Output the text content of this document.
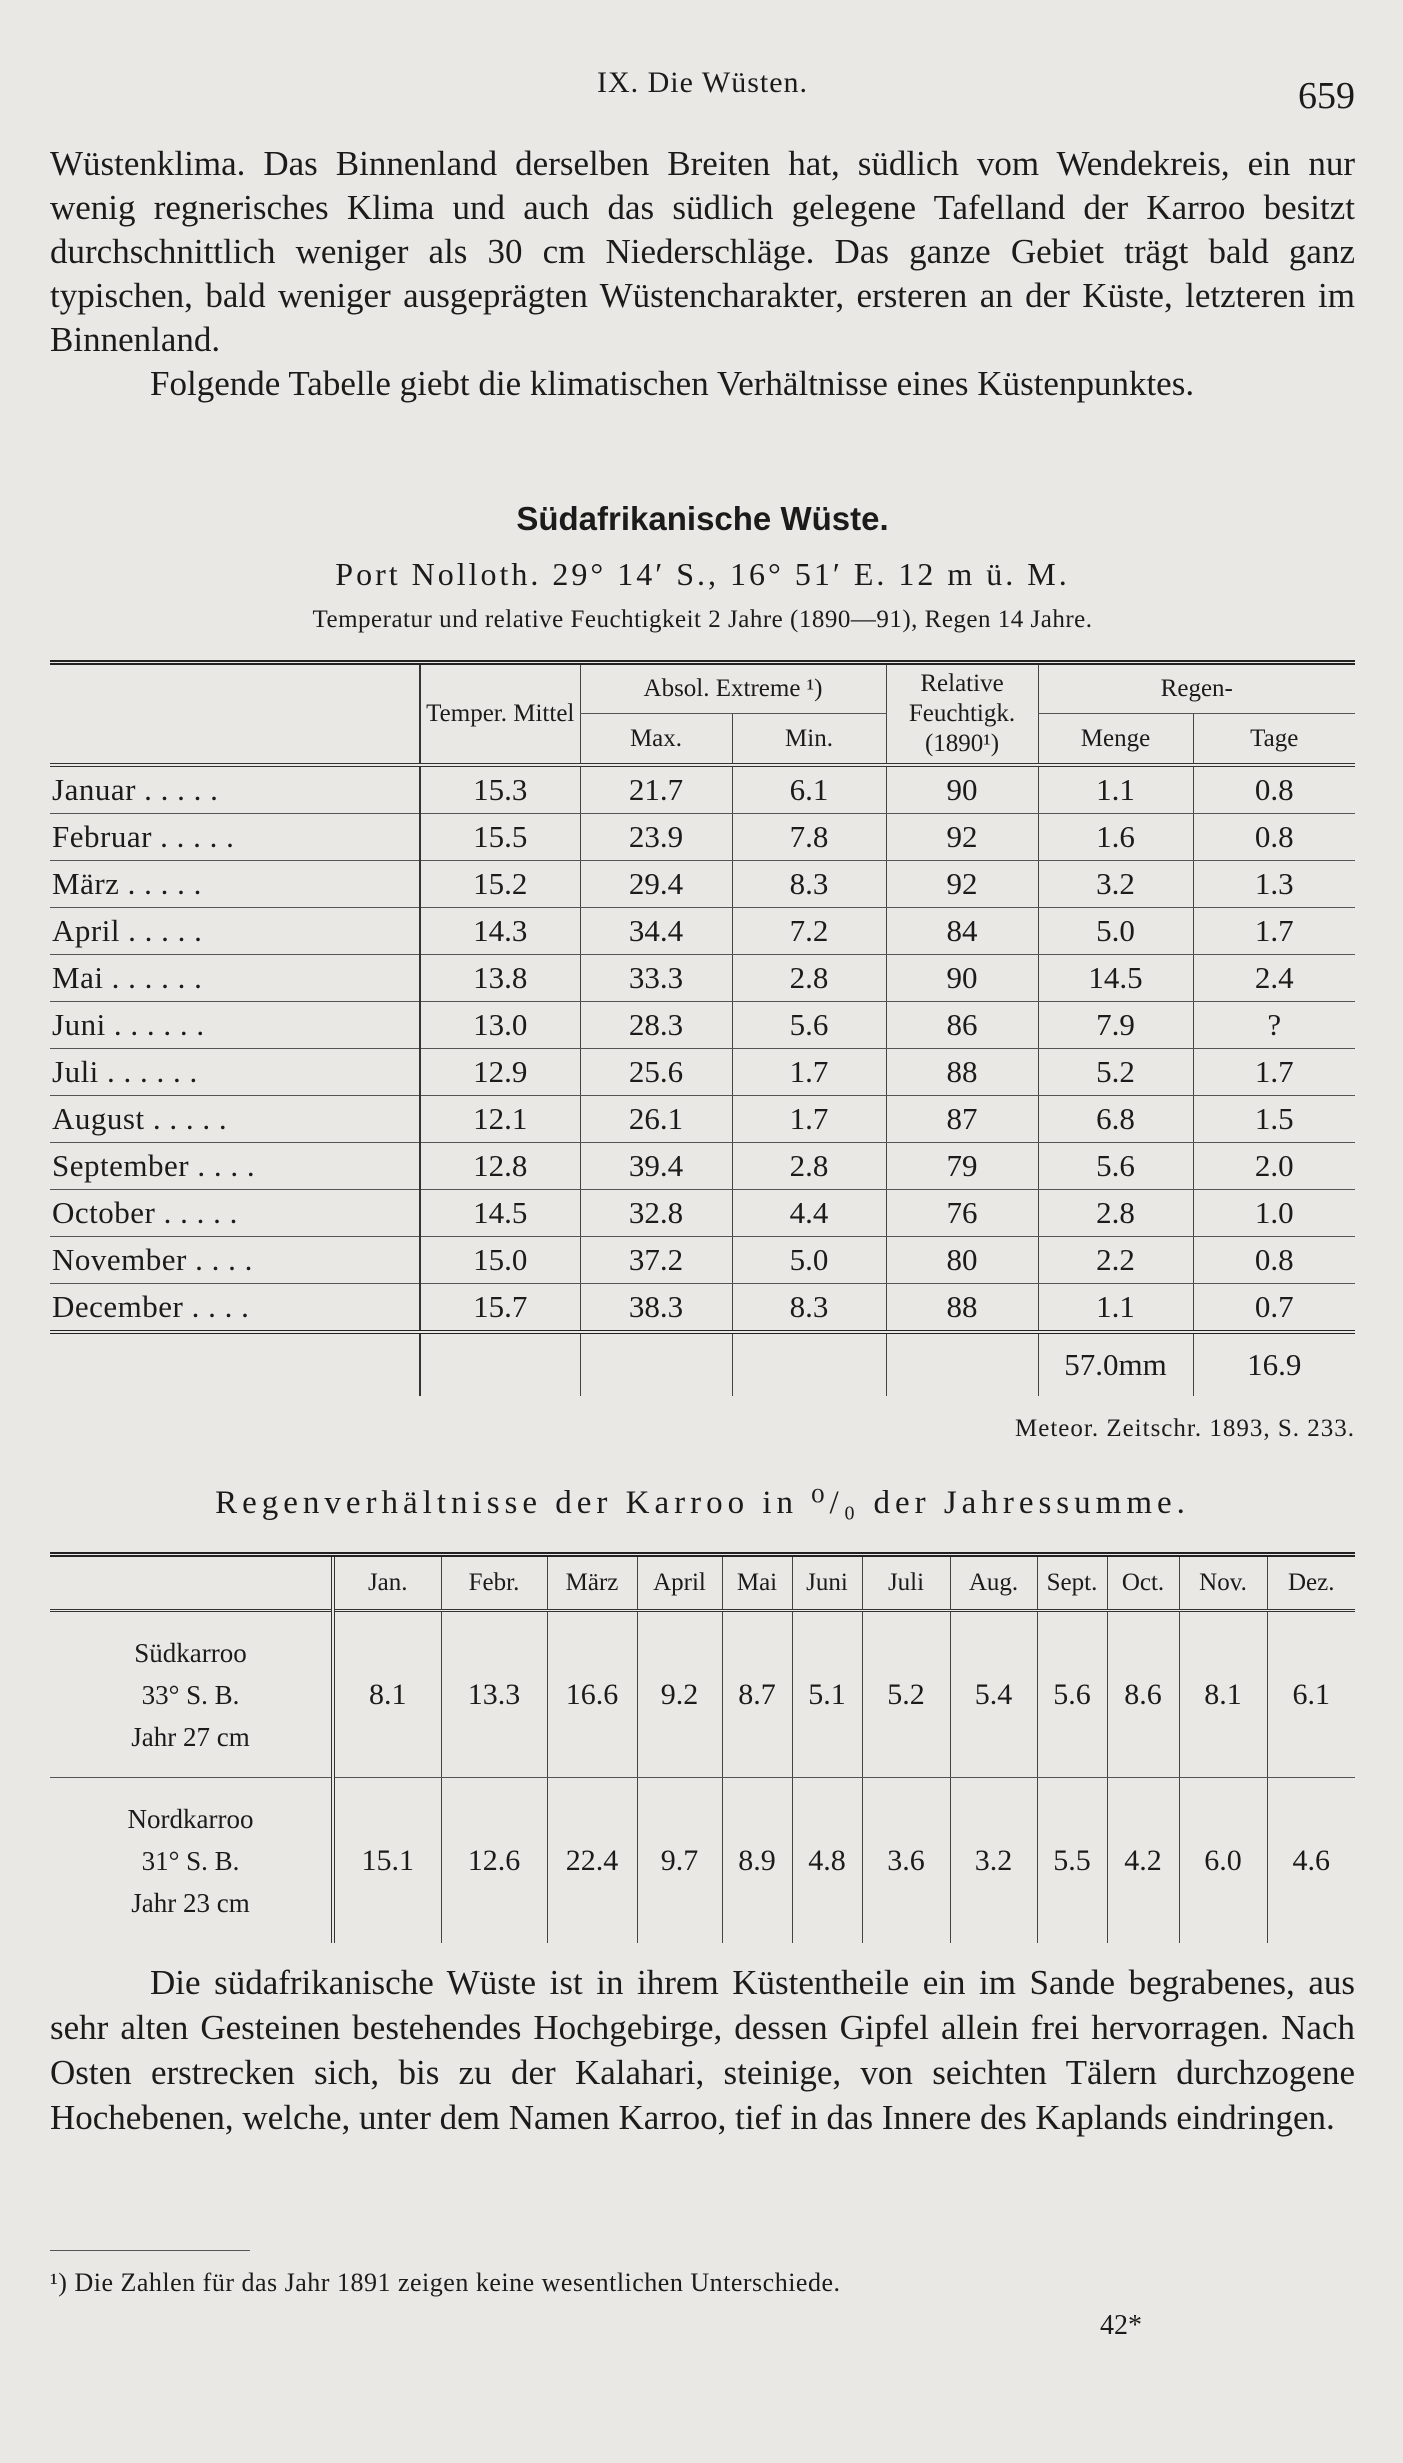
IX. Die Wüsten.	659

Wüstenklima. Das Binnenland derselben Breiten hat, südlich vom Wendekreis, ein nur wenig regnerisches Klima und auch das südlich gelegene Tafelland der Karroo besitzt durchschnittlich weniger als 30 cm Niederschläge. Das ganze Gebiet trägt bald ganz typischen, bald weniger ausgeprägten Wüstencharakter, ersteren an der Küste, letzteren im Binnenland.

Folgende Tabelle giebt die klimatischen Verhältnisse eines Küstenpunktes.

Südafrikanische Wüste.
Port Nolloth. 29° 14′ S., 16° 51′ E. 12 m ü. M.
Temperatur und relative Feuchtigkeit 2 Jahre (1890—91), Regen 14 Jahre.
	Temper. Mittel	Absol. Extreme ¹)		Relative Feuchtigk. (1890¹)	Regen-	
		Max.	Min.		Menge	Tage
Januar . . . . .	15.3	21.7	6.1	90	1.1	0.8
Februar . . . . .	15.5	23.9	7.8	92	1.6	0.8
März . . . . .	15.2	29.4	8.3	92	3.2	1.3
April . . . . .	14.3	34.4	7.2	84	5.0	1.7
Mai . . . . . .	13.8	33.3	2.8	90	14.5	2.4
Juni . . . . . .	13.0	28.3	5.6	86	7.9	?
Juli . . . . . .	12.9	25.6	1.7	88	5.2	1.7
August . . . . .	12.1	26.1	1.7	87	6.8	1.5
September . . . .	12.8	39.4	2.8	79	5.6	2.0
October . . . . .	14.5	32.8	4.4	76	2.8	1.0
November . . . .	15.0	37.2	5.0	80	2.2	0.8
December . . . .	15.7	38.3	8.3	88	1.1	0.7
					57.0mm	16.9
Meteor. Zeitschr. 1893, S. 233.
Regenverhältnisse der Karroo in ⁰/₀ der Jahressumme.
	Jan.	Febr.	März	April	Mai	Juni	Juli	Aug.	Sept.	Oct.	Nov.	Dez.

Südkarroo
33° S. B.
Jahr 27 cm	8.1	13.3	16.6	9.2	8.7	5.1	5.2	5.4	5.6	8.6	8.1	6.1

Nordkarroo
31° S. B.
Jahr 23 cm	15.1	12.6	22.4	9.7	8.9	4.8	3.6	3.2	5.5	4.2	6.0	4.6

Die südafrikanische Wüste ist in ihrem Küstentheile ein im Sande begrabenes, aus sehr alten Gesteinen bestehendes Hochgebirge, dessen Gipfel allein frei hervorragen. Nach Osten erstrecken sich, bis zu der Kalahari, steinige, von seichten Tälern durchzogene Hochebenen, welche, unter dem Namen Karroo, tief in das Innere des Kaplands eindringen.

¹) Die Zahlen für das Jahr 1891 zeigen keine wesentlichen Unterschiede.
42*
